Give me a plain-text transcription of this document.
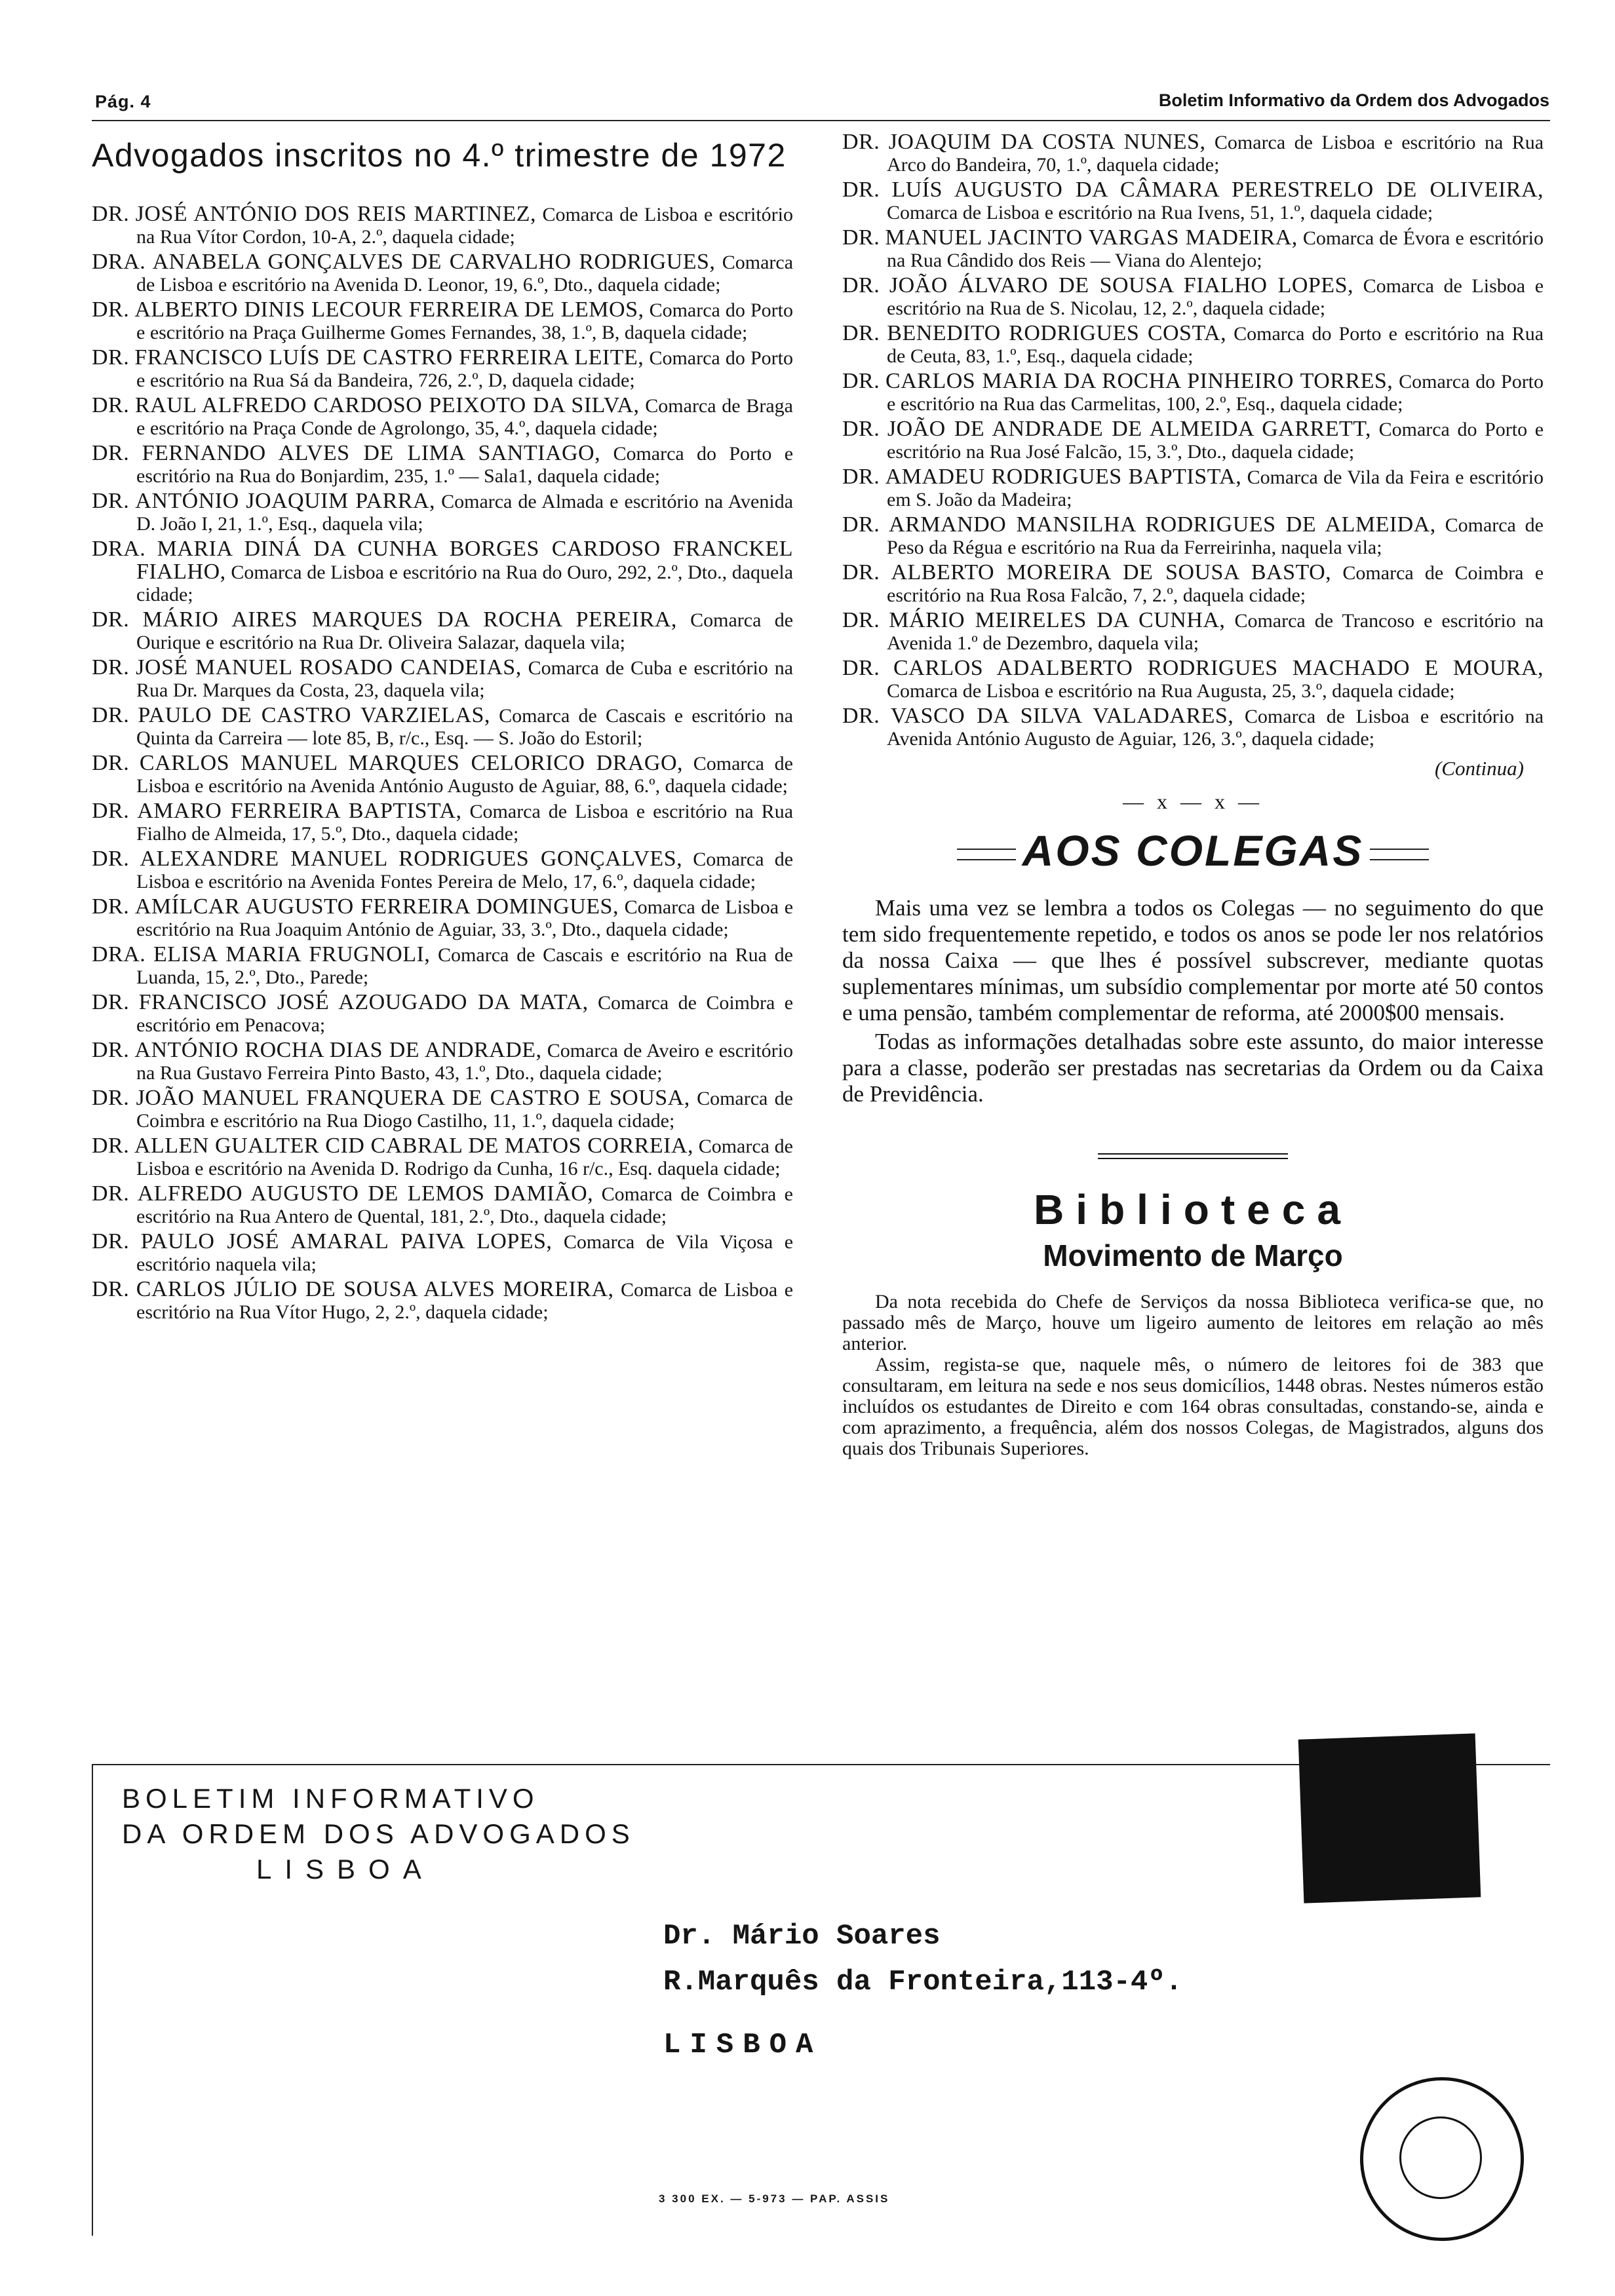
Pág. 4	Boletim Informativo da Ordem dos Advogados
Advogados inscritos no 4.º trimestre de 1972

DR. JOSÉ ANTÓNIO DOS REIS MARTINEZ, Comarca de Lisboa e escritório na Rua Vítor Cordon, 10-A, 2.º, daquela cidade;

DRA. ANABELA GONÇALVES DE CARVALHO RODRIGUES, Comarca de Lisboa e escritório na Avenida D. Leonor, 19, 6.º, Dto., daquela cidade;

DR. ALBERTO DINIS LECOUR FERREIRA DE LEMOS, Comarca do Porto e escritório na Praça Guilherme Gomes Fernandes, 38, 1.º, B, daquela cidade;

DR. FRANCISCO LUÍS DE CASTRO FERREIRA LEITE, Comarca do Porto e escritório na Rua Sá da Bandeira, 726, 2.º, D, daquela cidade;

DR. RAUL ALFREDO CARDOSO PEIXOTO DA SILVA, Comarca de Braga e escritório na Praça Conde de Agrolongo, 35, 4.º, daquela cidade;

DR. FERNANDO ALVES DE LIMA SANTIAGO, Comarca do Porto e escritório na Rua do Bonjardim, 235, 1.º — Sala1, daquela cidade;

DR. ANTÓNIO JOAQUIM PARRA, Comarca de Almada e escritório na Avenida D. João I, 21, 1.º, Esq., daquela vila;

DRA. MARIA DINÁ DA CUNHA BORGES CARDOSO FRANCKEL FIALHO, Comarca de Lisboa e escritório na Rua do Ouro, 292, 2.º, Dto., daquela cidade;

DR. MÁRIO AIRES MARQUES DA ROCHA PEREIRA, Comarca de Ourique e escritório na Rua Dr. Oliveira Salazar, daquela vila;

DR. JOSÉ MANUEL ROSADO CANDEIAS, Comarca de Cuba e escritório na Rua Dr. Marques da Costa, 23, daquela vila;

DR. PAULO DE CASTRO VARZIELAS, Comarca de Cascais e escritório na Quinta da Carreira — lote 85, B, r/c., Esq. — S. João do Estoril;

DR. CARLOS MANUEL MARQUES CELORICO DRAGO, Comarca de Lisboa e escritório na Avenida António Augusto de Aguiar, 88, 6.º, daquela cidade;

DR. AMARO FERREIRA BAPTISTA, Comarca de Lisboa e escritório na Rua Fialho de Almeida, 17, 5.º, Dto., daquela cidade;

DR. ALEXANDRE MANUEL RODRIGUES GONÇALVES, Comarca de Lisboa e escritório na Avenida Fontes Pereira de Melo, 17, 6.º, daquela cidade;

DR. AMÍLCAR AUGUSTO FERREIRA DOMINGUES, Comarca de Lisboa e escritório na Rua Joaquim António de Aguiar, 33, 3.º, Dto., daquela cidade;

DRA. ELISA MARIA FRUGNOLI, Comarca de Cascais e escritório na Rua de Luanda, 15, 2.º, Dto., Parede;

DR. FRANCISCO JOSÉ AZOUGADO DA MATA, Comarca de Coimbra e escritório em Penacova;

DR. ANTÓNIO ROCHA DIAS DE ANDRADE, Comarca de Aveiro e escritório na Rua Gustavo Ferreira Pinto Basto, 43, 1.º, Dto., daquela cidade;

DR. JOÃO MANUEL FRANQUERA DE CASTRO E SOUSA, Comarca de Coimbra e escritório na Rua Diogo Castilho, 11, 1.º, daquela cidade;

DR. ALLEN GUALTER CID CABRAL DE MATOS CORREIA, Comarca de Lisboa e escritório na Avenida D. Rodrigo da Cunha, 16 r/c., Esq. daquela cidade;

DR. ALFREDO AUGUSTO DE LEMOS DAMIÃO, Comarca de Coimbra e escritório na Rua Antero de Quental, 181, 2.º, Dto., daquela cidade;

DR. PAULO JOSÉ AMARAL PAIVA LOPES, Comarca de Vila Viçosa e escritório naquela vila;

DR. CARLOS JÚLIO DE SOUSA ALVES MOREIRA, Comarca de Lisboa e escritório na Rua Vítor Hugo, 2, 2.º, daquela cidade;

DR. JOAQUIM DA COSTA NUNES, Comarca de Lisboa e escritório na Rua Arco do Bandeira, 70, 1.º, daquela cidade;

DR. LUÍS AUGUSTO DA CÂMARA PERESTRELO DE OLIVEIRA, Comarca de Lisboa e escritório na Rua Ivens, 51, 1.º, daquela cidade;

DR. MANUEL JACINTO VARGAS MADEIRA, Comarca de Évora e escritório na Rua Cândido dos Reis — Viana do Alentejo;

DR. JOÃO ÁLVARO DE SOUSA FIALHO LOPES, Comarca de Lisboa e escritório na Rua de S. Nicolau, 12, 2.º, daquela cidade;

DR. BENEDITO RODRIGUES COSTA, Comarca do Porto e escritório na Rua de Ceuta, 83, 1.º, Esq., daquela cidade;

DR. CARLOS MARIA DA ROCHA PINHEIRO TORRES, Comarca do Porto e escritório na Rua das Carmelitas, 100, 2.º, Esq., daquela cidade;

DR. JOÃO DE ANDRADE DE ALMEIDA GARRETT, Comarca do Porto e escritório na Rua José Falcão, 15, 3.º, Dto., daquela cidade;

DR. AMADEU RODRIGUES BAPTISTA, Comarca de Vila da Feira e escritório em S. João da Madeira;

DR. ARMANDO MANSILHA RODRIGUES DE ALMEIDA, Comarca de Peso da Régua e escritório na Rua da Ferreirinha, naquela vila;

DR. ALBERTO MOREIRA DE SOUSA BASTO, Comarca de Coimbra e escritório na Rua Rosa Falcão, 7, 2.º, daquela cidade;

DR. MÁRIO MEIRELES DA CUNHA, Comarca de Trancoso e escritório na Avenida 1.º de Dezembro, daquela vila;

DR. CARLOS ADALBERTO RODRIGUES MACHADO E MOURA, Comarca de Lisboa e escritório na Rua Augusta, 25, 3.º, daquela cidade;

DR. VASCO DA SILVA VALADARES, Comarca de Lisboa e escritório na Avenida António Augusto de Aguiar, 126, 3.º, daquela cidade;

(Continua)
— x — x —
AOS COLEGAS

Mais uma vez se lembra a todos os Colegas — no seguimento do que tem sido frequentemente repetido, e todos os anos se pode ler nos relatórios da nossa Caixa — que lhes é possível subscrever, mediante quotas suplementares mínimas, um subsídio complementar por morte até 50 contos e uma pensão, também complementar de reforma, até 2000$00 mensais.

Todas as informações detalhadas sobre este assunto, do maior interesse para a classe, poderão ser prestadas nas secretarias da Ordem ou da Caixa de Previdência.

Biblioteca
Movimento de Março

Da nota recebida do Chefe de Serviços da nossa Biblioteca verifica-se que, no passado mês de Março, houve um ligeiro aumento de leitores em relação ao mês anterior.

Assim, regista-se que, naquele mês, o número de leitores foi de 383 que consultaram, em leitura na sede e nos seus domicílios, 1448 obras. Nestes números estão incluídos os estudantes de Direito e com 164 obras consultadas, constando-se, ainda e com aprazimento, a frequência, além dos nossos Colegas, de Magistrados, alguns dos quais dos Tribunais Superiores.

BOLETIM INFORMATIVO
DA ORDEM DOS ADVOGADOS
LISBOA
Dr. Mário Soares
R.Marquês da Fronteira,113-4º.
LISBOA
3 300 EX. — 5-973 — PAP. ASSIS
